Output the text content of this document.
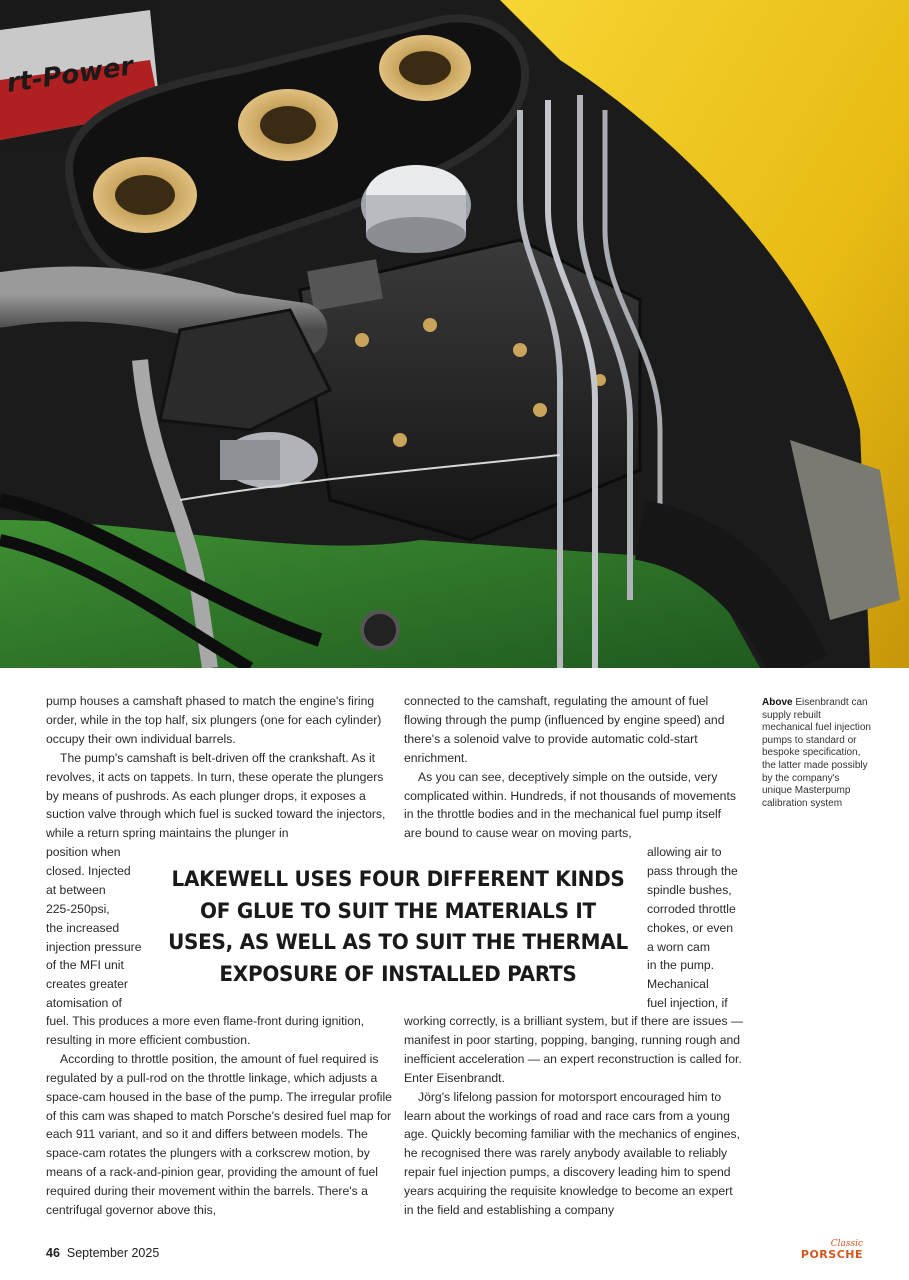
rt-Power

pump houses a camshaft phased to match the engine's firing order, while in the top half, six plungers (one for each cylinder) occupy their own individual barrels.

The pump's camshaft is belt-driven off the crankshaft. As it revolves, it acts on tappets. In turn, these operate the plungers by means of pushrods. As each plunger drops, it exposes a suction valve through which fuel is sucked toward the injectors, while a return spring maintains the plunger in

position when
closed. Injected
at between
225-250psi,
the increased
injection pressure
of the MFI unit
creates greater
atomisation of

fuel. This produces a more even flame-front during ignition, resulting in more efficient combustion.

According to throttle position, the amount of fuel required is regulated by a pull-rod on the throttle linkage, which adjusts a space-cam housed in the base of the pump. The irregular profile of this cam was shaped to match Porsche's desired fuel map for each 911 variant, and so it and differs between models. The space-cam rotates the plungers with a corkscrew motion, by means of a rack-and-pinion gear, providing the amount of fuel required during their movement within the barrels. There's a centrifugal governor above this,

connected to the camshaft, regulating the amount of fuel flowing through the pump (influenced by engine speed) and there's a solenoid valve to provide automatic cold-start enrichment.

As you can see, deceptively simple on the outside, very complicated within. Hundreds, if not thousands of movements in the throttle bodies and in the mechanical fuel pump itself are bound to cause wear on moving parts,

allowing air to
pass through the
spindle bushes,
corroded throttle
chokes, or even
a worn cam
in the pump.
Mechanical
fuel injection, if

working correctly, is a brilliant system, but if there are issues — manifest in poor starting, popping, banging, running rough and inefficient acceleration — an expert reconstruction is called for. Enter Eisenbrandt.

Jörg's lifelong passion for motorsport encouraged him to learn about the workings of road and race cars from a young age. Quickly becoming familiar with the mechanics of engines, he recognised there was rarely anybody available to reliably repair fuel injection pumps, a discovery leading him to spend years acquiring the requisite knowledge to become an expert in the field and establishing a company

LAKEWELL USES FOUR DIFFERENT KINDS OF GLUE TO SUIT THE MATERIALS IT USES, AS WELL AS TO SUIT THE THERMAL EXPOSURE OF INSTALLED PARTS
Above Eisenbrandt can supply rebuilt mechanical fuel injection pumps to standard or bespoke specification, the latter made possibly by the company's unique Masterpump calibration system
46 September 2025
Classic
PORSCHE
